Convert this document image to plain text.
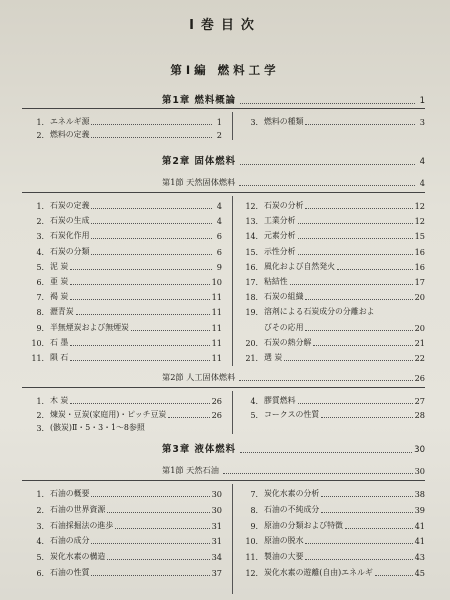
I巻目次
第Ⅰ編 燃料工学
第1章 燃料概論	1
1. エネルギ源	1
2. 燃料の定義	2
3. 燃料の種類	3
第2章 固体燃料	4
第1節 天然固体燃料	4
1. 石炭の定義	4
2. 石炭の生成	4
3. 石炭化作用	6
4. 石炭の分類	6
5. 泥 炭	9
6. 亜 炭	10
7. 褐 炭	11
8. 瀝青炭	11
9. 半無煙炭および無煙炭	11
10. 石 墨	11
11. 隕 石	11
12. 石炭の分析	12
13. 工業分析	12
14. 元素分析	15
15. 示性分析	16
16. 風化および自然発火	16
17. 粘結性	17
18. 石炭の組織	20
19. 溶剤による石炭成分の分離およ
びその応用	20
20. 石炭の熱分解	21
21. 選 炭	22
第2節 人工固体燃料	26
1. 木 炭	26
2. 煉炭・豆炭(家庭用)・ピッチ豆炭	26
3. (骸炭)Ⅱ・5・3・1〜8参照
4. 膠質燃料	27
5. コークスの性質	28
第3章 液体燃料	30
第1節 天然石油	30
1. 石油の概要	30
2. 石油の世界資源	30
3. 石油採掘法の進歩	31
4. 石油の成分	31
5. 炭化水素の構造	34
6. 石油の性質	37
7. 炭化水素の分析	38
8. 石油の不純成分	39
9. 原油の分類および特徴	41
10. 原油の脱水	41
11. 製油の大要	43
12. 炭化水素の遊離(自由)エネルギ	45
